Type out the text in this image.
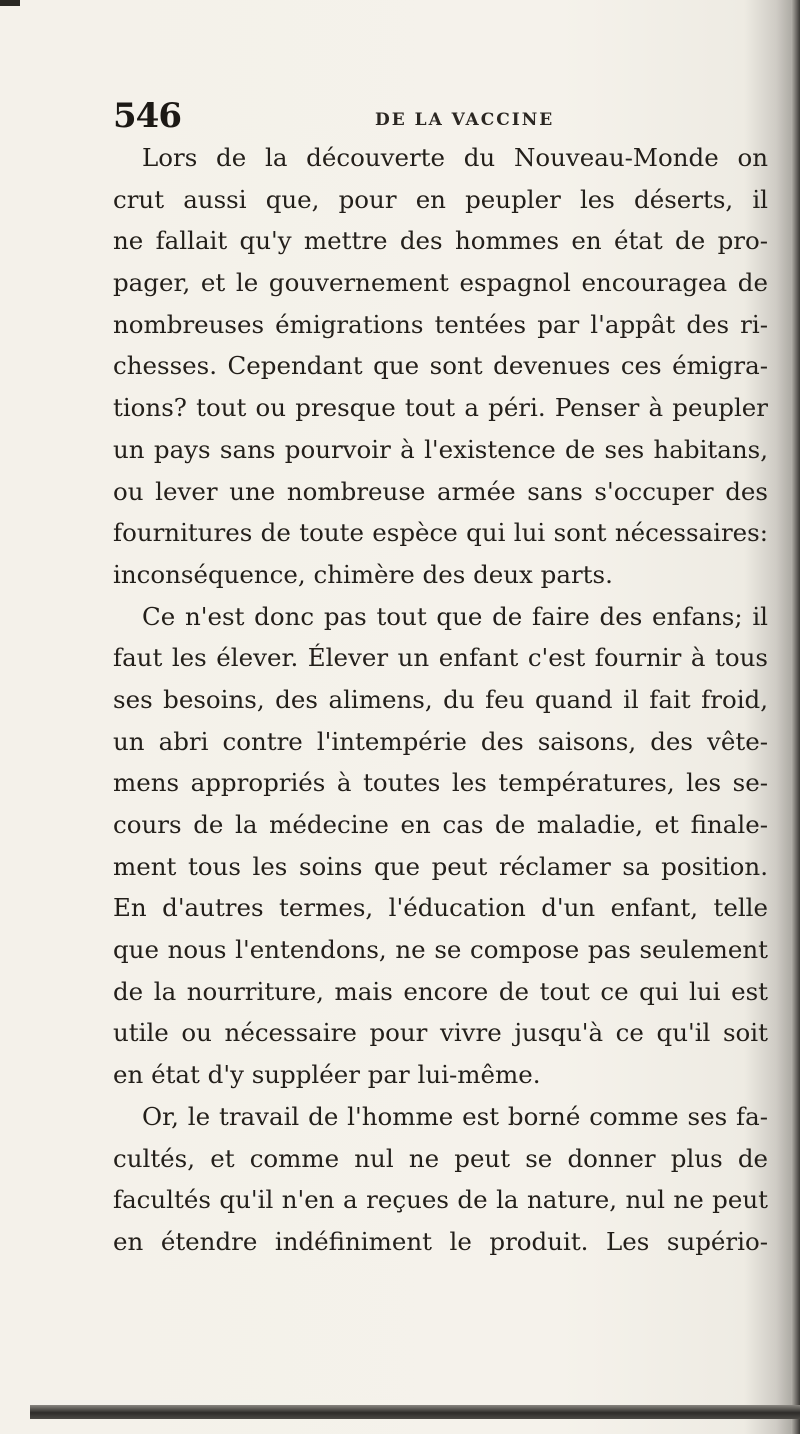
546	DE LA VACCINE
Lors de la découverte du Nouveau-Monde on
crut aussi que, pour en peupler les déserts, il
ne fallait qu'y mettre des hommes en état de pro-
pager, et le gouvernement espagnol encouragea de
nombreuses émigrations tentées par l'appât des ri-
chesses. Cependant que sont devenues ces émigra-
tions? tout ou presque tout a péri. Penser à peupler
un pays sans pourvoir à l'existence de ses habitans,
ou lever une nombreuse armée sans s'occuper des
fournitures de toute espèce qui lui sont nécessaires:
inconséquence, chimère des deux parts.
Ce n'est donc pas tout que de faire des enfans; il
faut les élever. Élever un enfant c'est fournir à tous
ses besoins, des alimens, du feu quand il fait froid,
un abri contre l'intempérie des saisons, des vête-
mens appropriés à toutes les températures, les se-
cours de la médecine en cas de maladie, et finale-
ment tous les soins que peut réclamer sa position.
En d'autres termes, l'éducation d'un enfant, telle
que nous l'entendons, ne se compose pas seulement
de la nourriture, mais encore de tout ce qui lui est
utile ou nécessaire pour vivre jusqu'à ce qu'il soit
en état d'y suppléer par lui-même.
Or, le travail de l'homme est borné comme ses fa-
cultés, et comme nul ne peut se donner plus de
facultés qu'il n'en a reçues de la nature, nul ne peut
en étendre indéfiniment le produit. Les supério-
